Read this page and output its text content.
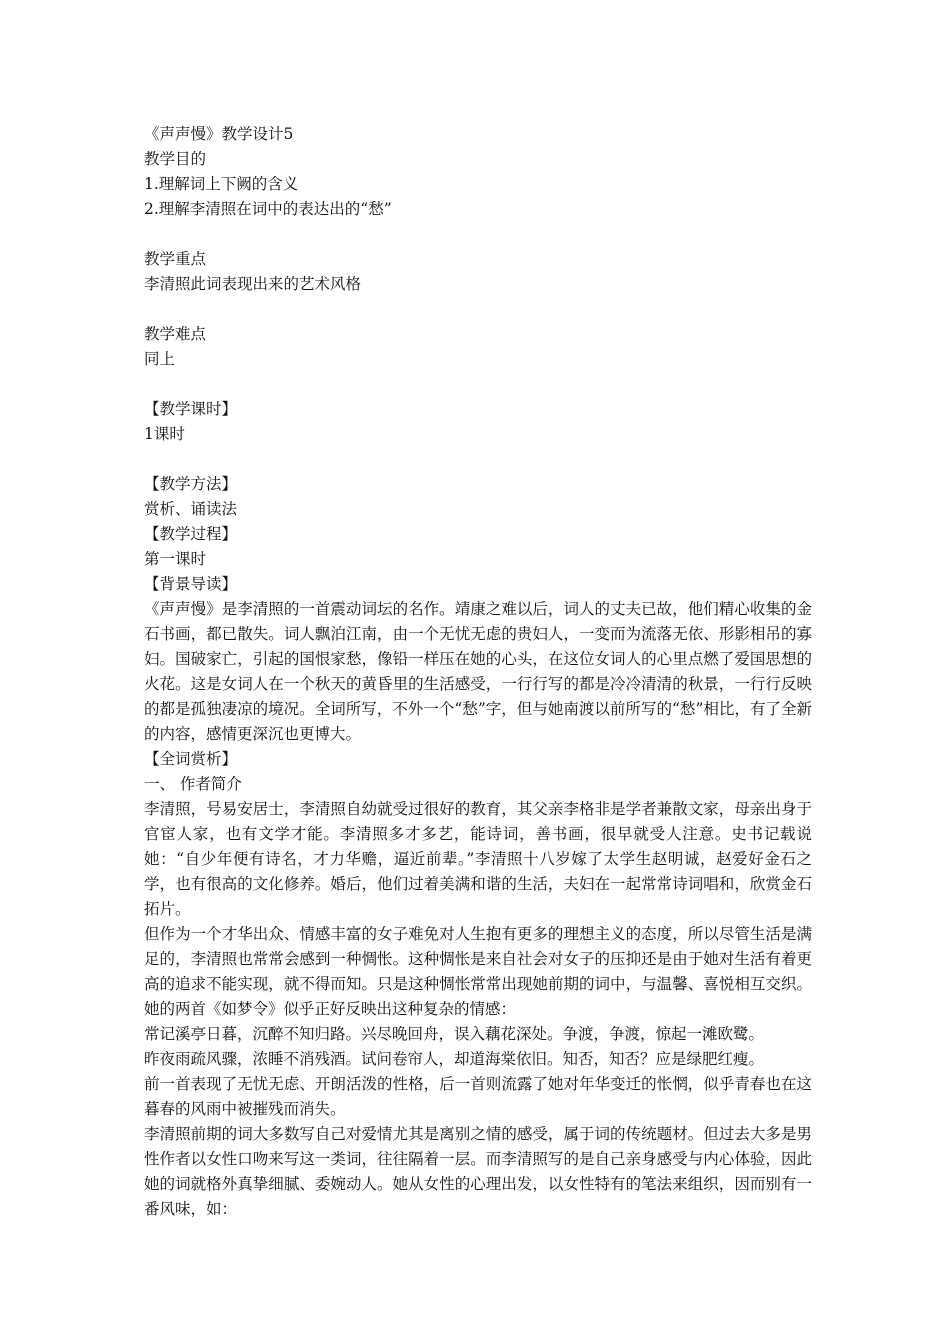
《声声慢》教学设计5

教学目的

1.理解词上下阙的含义

2.理解李清照在词中的表达出的“愁”

教学重点

李清照此词表现出来的艺术风格

教学难点

同上

【教学课时】

1课时

【教学方法】

赏析、诵读法

【教学过程】

第一课时

【背景导读】

《声声慢》是李清照的一首震动词坛的名作。靖康之难以后，词人的丈夫已故，他们精心收集的金石书画，都已散失。词人飘泊江南，由一个无忧无虑的贵妇人，一变而为流落无依、形影相吊的寡妇。国破家亡，引起的国恨家愁，像铅一样压在她的心头，在这位女词人的心里点燃了爱国思想的火花。这是女词人在一个秋天的黄昏里的生活感受，一行行写的都是冷冷清清的秋景，一行行反映的都是孤独凄凉的境况。全词所写，不外一个“愁”字，但与她南渡以前所写的“愁”相比，有了全新的内容，感情更深沉也更博大。

【全词赏析】

一、 作者简介

李清照，号易安居士，李清照自幼就受过很好的教育，其父亲李格非是学者兼散文家，母亲出身于官宦人家，也有文学才能。李清照多才多艺，能诗词，善书画，很早就受人注意。史书记载说她：“自少年便有诗名，才力华赡，逼近前辈。”李清照十八岁嫁了太学生赵明诚，赵爱好金石之学，也有很高的文化修养。婚后，他们过着美满和谐的生活，夫妇在一起常常诗词唱和，欣赏金石拓片。

但作为一个才华出众、情感丰富的女子难免对人生抱有更多的理想主义的态度，所以尽管生活是满足的，李清照也常常会感到一种惆怅。这种惆怅是来自社会对女子的压抑还是由于她对生活有着更高的追求不能实现，就不得而知。只是这种惆怅常常出现她前期的词中，与温馨、喜悦相互交织。她的两首《如梦令》似乎正好反映出这种复杂的情感：

常记溪亭日暮，沉醉不知归路。兴尽晚回舟，误入藕花深处。争渡，争渡，惊起一滩欧鹭。

昨夜雨疏风骤，浓睡不消残酒。试问卷帘人，却道海棠依旧。知否，知否？应是绿肥红瘦。

前一首表现了无忧无虑、开朗活泼的性格，后一首则流露了她对年华变迁的怅惘，似乎青春也在这暮春的风雨中被摧残而消失。

李清照前期的词大多数写自己对爱情尤其是离别之情的感受，属于词的传统题材。但过去大多是男性作者以女性口吻来写这一类词，往往隔着一层。而李清照写的是自己亲身感受与内心体验，因此她的词就格外真挚细腻、委婉动人。她从女性的心理出发，以女性特有的笔法来组织，因而别有一番风味，如：
